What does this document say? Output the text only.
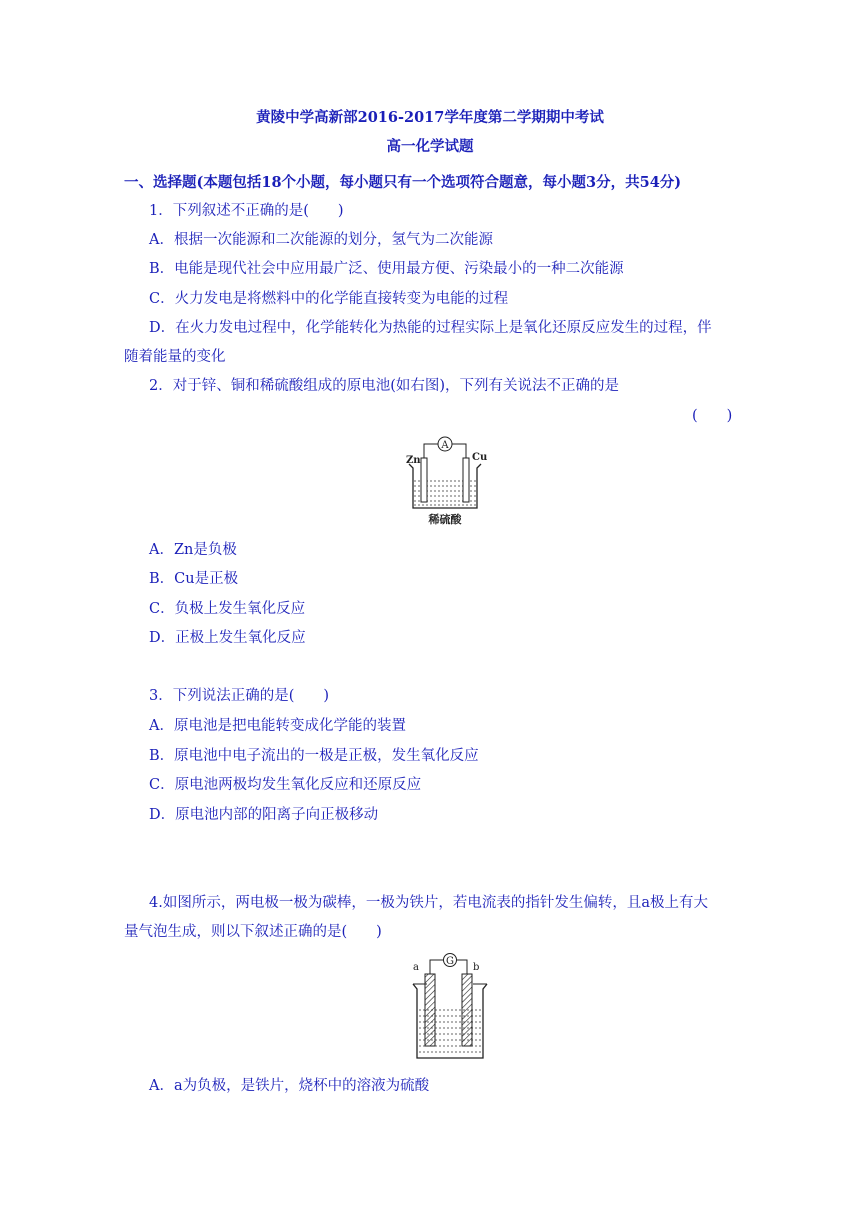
黄陵中学高新部2016-2017学年度第二学期期中考试
高一化学试题
一、选择题(本题包括18个小题，每小题只有一个选项符合题意，每小题3分，共54分)
1．下列叙述不正确的是(　　)
A．根据一次能源和二次能源的划分，氢气为二次能源
B．电能是现代社会中应用最广泛、使用最方便、污染最小的一种二次能源
C．火力发电是将燃料中的化学能直接转变为电能的过程
D．在火力发电过程中，化学能转化为热能的过程实际上是氧化还原反应发生的过程，伴
随着能量的变化
2．对于锌、铜和稀硫酸组成的原电池(如右图)，下列有关说法不正确的是
(　　)
A
Zn	Cu
稀硫酸
A．Zn是负极
B．Cu是正极
C．负极上发生氧化反应
D．正极上发生氧化反应
3．下列说法正确的是(　　)
A．原电池是把电能转变成化学能的装置
B．原电池中电子流出的一极是正极，发生氧化反应
C．原电池两极均发生氧化反应和还原反应
D．原电池内部的阳离子向正极移动
4.如图所示，两电极一极为碳棒，一极为铁片，若电流表的指针发生偏转，且a极上有大
量气泡生成，则以下叙述正确的是(　　)
G
a	b
A．a为负极，是铁片，烧杯中的溶液为硫酸
